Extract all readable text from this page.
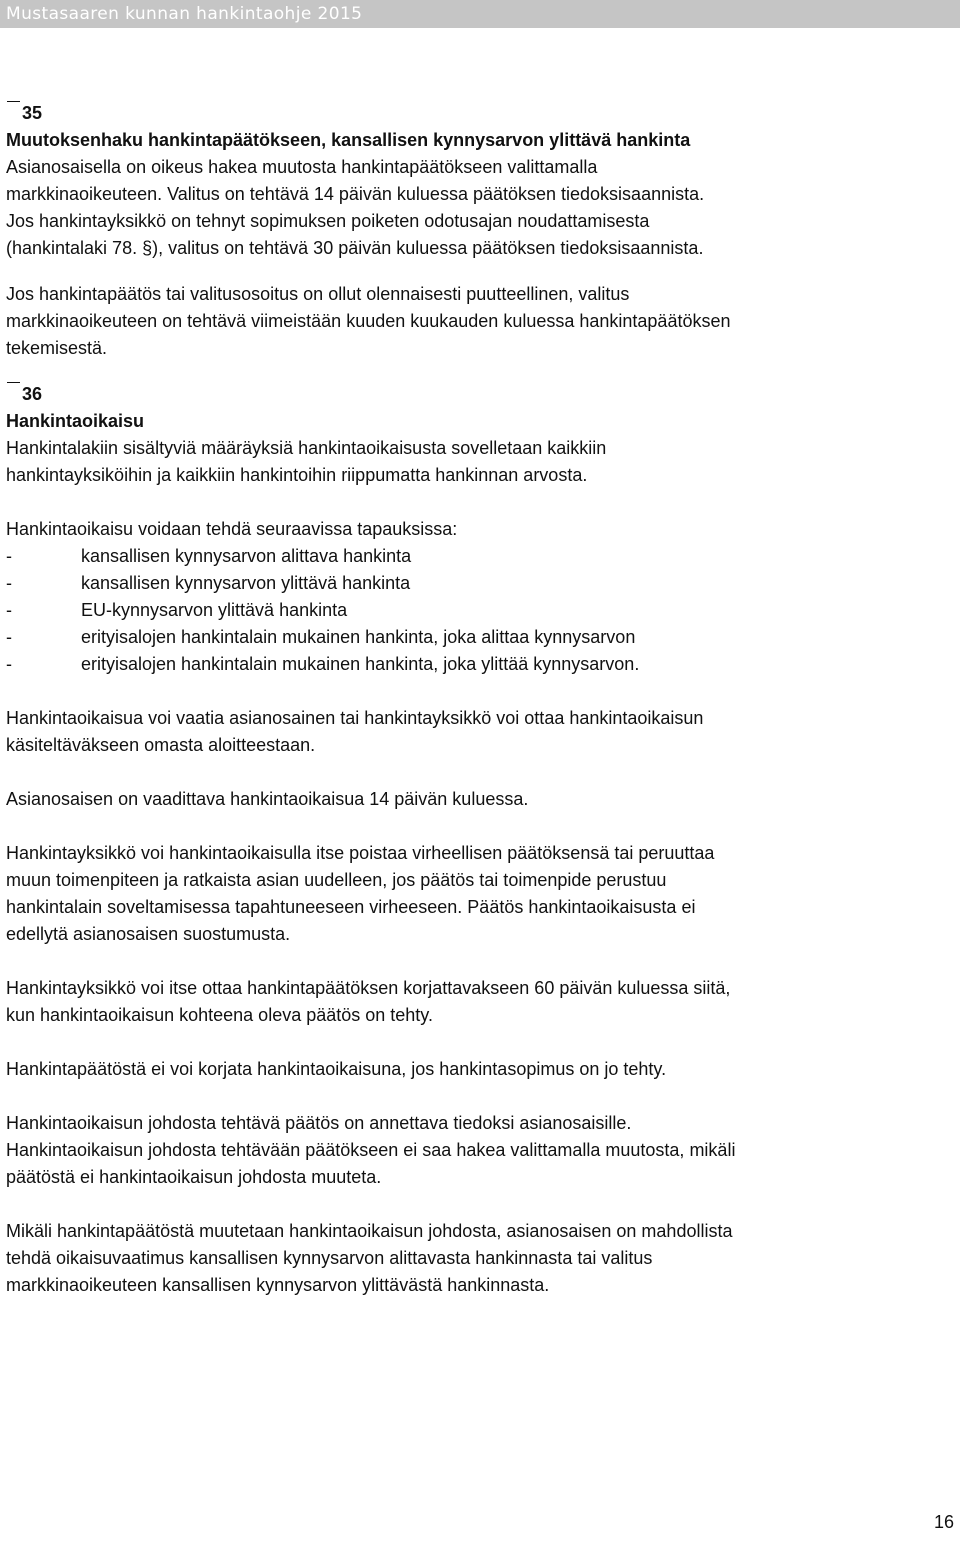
Mustasaaren kunnan hankintaohje 2015
35
Muutoksenhaku hankintapäätökseen, kansallisen kynnysarvon ylittävä hankinta
Asianosaisella on oikeus hakea muutosta hankintapäätökseen valittamalla
markkinaoikeuteen. Valitus on tehtävä 14 päivän kuluessa päätöksen tiedoksisaannista.
Jos hankintayksikkö on tehnyt sopimuksen poiketen odotusajan noudattamisesta
(hankintalaki 78. §), valitus on tehtävä 30 päivän kuluessa päätöksen tiedoksisaannista.
Jos hankintapäätös tai valitusosoitus on ollut olennaisesti puutteellinen, valitus
markkinaoikeuteen on tehtävä viimeistään kuuden kuukauden kuluessa hankintapäätöksen
tekemisestä.
36
Hankintaoikaisu
Hankintalakiin sisältyviä määräyksiä hankintaoikaisusta sovelletaan kaikkiin
hankintayksiköihin ja kaikkiin hankintoihin riippumatta hankinnan arvosta.
Hankintaoikaisu voidaan tehdä seuraavissa tapauksissa:
-	kansallisen kynnysarvon alittava hankinta
-	kansallisen kynnysarvon ylittävä hankinta
-	EU-kynnysarvon ylittävä hankinta
-	erityisalojen hankintalain mukainen hankinta, joka alittaa kynnysarvon
-	erityisalojen hankintalain mukainen hankinta, joka ylittää kynnysarvon.
Hankintaoikaisua voi vaatia asianosainen tai hankintayksikkö voi ottaa hankintaoikaisun
käsiteltäväkseen omasta aloitteestaan.
Asianosaisen on vaadittava hankintaoikaisua 14 päivän kuluessa.
Hankintayksikkö voi hankintaoikaisulla itse poistaa virheellisen päätöksensä tai peruuttaa
muun toimenpiteen ja ratkaista asian uudelleen, jos päätös tai toimenpide perustuu
hankintalain soveltamisessa tapahtuneeseen virheeseen. Päätös hankintaoikaisusta ei
edellytä asianosaisen suostumusta.
Hankintayksikkö voi itse ottaa hankintapäätöksen korjattavakseen 60 päivän kuluessa siitä,
kun hankintaoikaisun kohteena oleva päätös on tehty.
Hankintapäätöstä ei voi korjata hankintaoikaisuna, jos hankintasopimus on jo tehty.
Hankintaoikaisun johdosta tehtävä päätös on annettava tiedoksi asianosaisille.
Hankintaoikaisun johdosta tehtävään päätökseen ei saa hakea valittamalla muutosta, mikäli
päätöstä ei hankintaoikaisun johdosta muuteta.
Mikäli hankintapäätöstä muutetaan hankintaoikaisun johdosta, asianosaisen on mahdollista
tehdä oikaisuvaatimus kansallisen kynnysarvon alittavasta hankinnasta tai valitus
markkinaoikeuteen kansallisen kynnysarvon ylittävästä hankinnasta.
16
